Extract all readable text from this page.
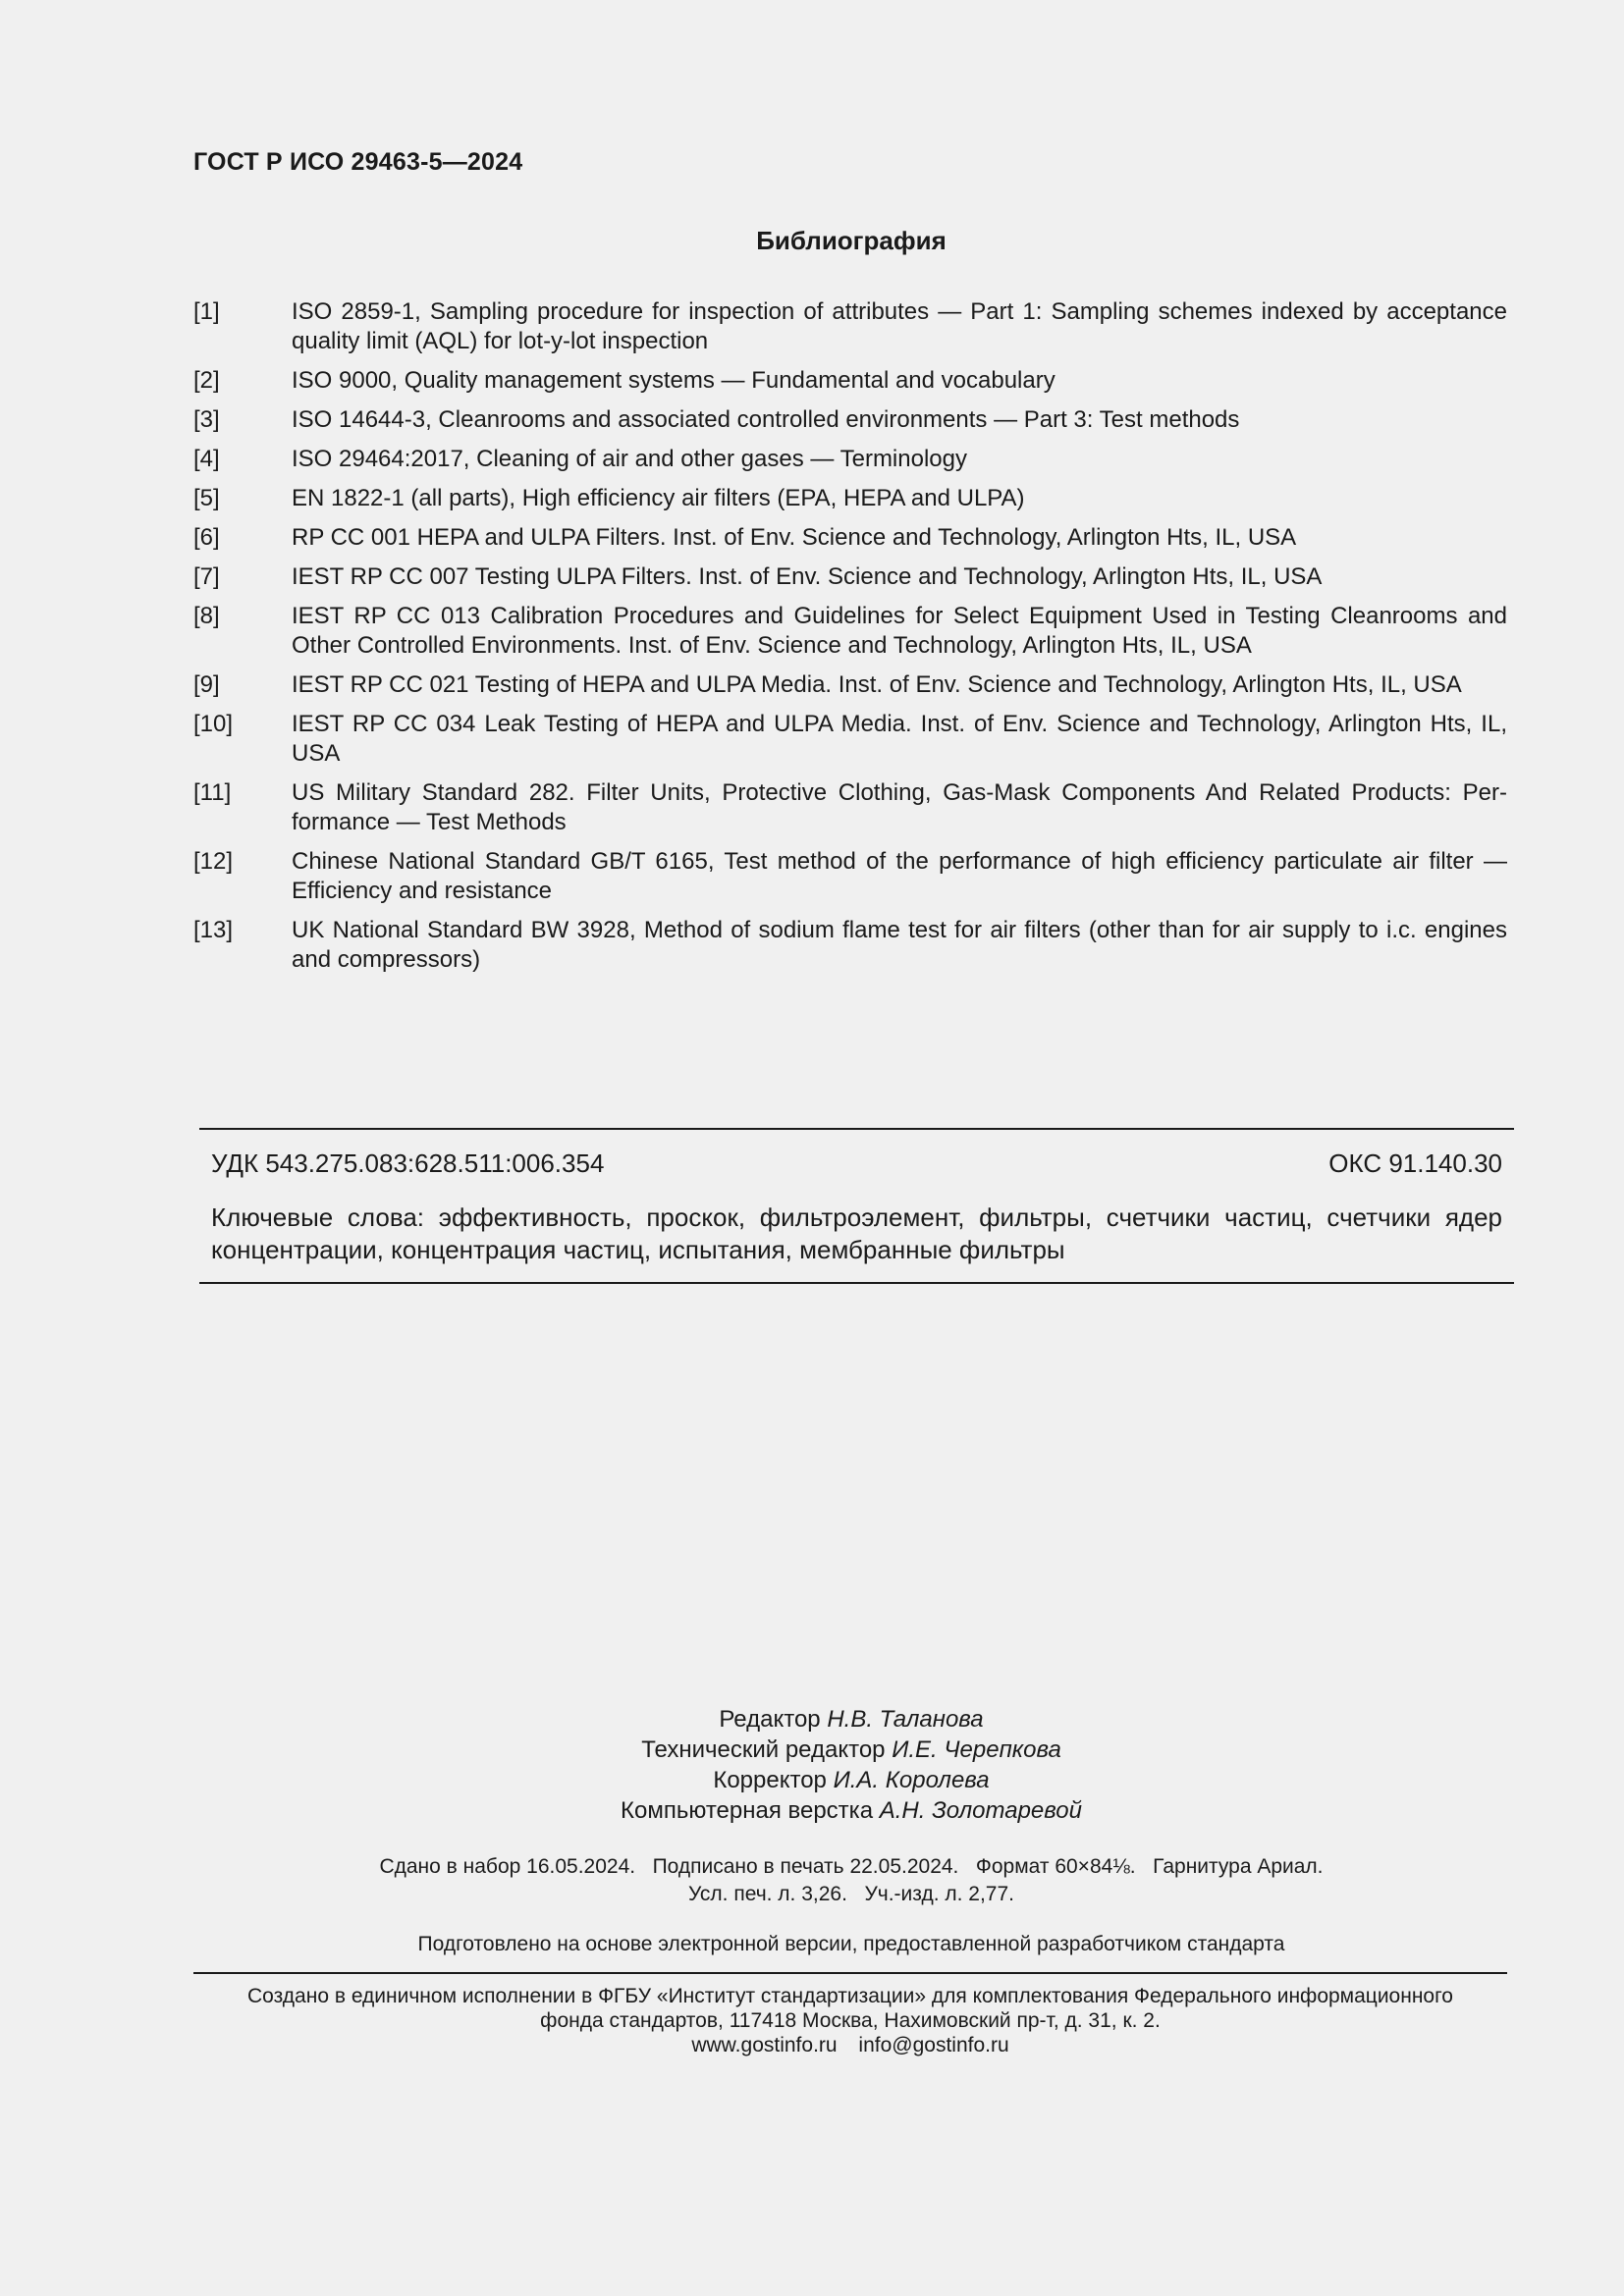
ГОСТ Р ИСО 29463-5—2024
Библиография
[1]	ISO 2859-1, Sampling procedure for inspection of attributes — Part 1: Sampling schemes indexed by acceptance quality limit (AQL) for lot-y-lot inspection
[2]	ISO 9000, Quality management systems — Fundamental and vocabulary
[3]	ISO 14644-3, Cleanrooms and associated controlled environments — Part 3: Test methods
[4]	ISO 29464:2017, Cleaning of air and other gases — Terminology
[5]	EN 1822-1 (all parts), High efficiency air filters (EPA, HEPA and ULPA)
[6]	RP CC 001 HEPA and ULPA Filters. Inst. of Env. Science and Technology, Arlington Hts, IL, USA
[7]	IEST RP CC 007 Testing ULPA Filters. Inst. of Env. Science and Technology, Arlington Hts, IL, USA
[8]	IEST RP CC 013 Calibration Procedures and Guidelines for Select Equipment Used in Testing Cleanrooms and Other Controlled Environments. Inst. of Env. Science and Technology, Arlington Hts, IL, USA
[9]	IEST RP CC 021 Testing of HEPA and ULPA Media. Inst. of Env. Science and Technology, Arlington Hts, IL, USA
[10]	IEST RP CC 034 Leak Testing of HEPA and ULPA Media. Inst. of Env. Science and Technology, Arlington Hts, IL, USA
[11]	US Military Standard 282. Filter Units, Protective Clothing, Gas-Mask Components And Related Products: Performance — Test Methods
[12]	Chinese National Standard GB/T 6165, Test method of the performance of high efficiency particulate air filter — Efficiency and resistance
[13]	UK National Standard BW 3928, Method of sodium flame test for air filters (other than for air supply to i.c. engines and compressors)
УДК 543.275.083:628.511:006.354	ОКС 91.140.30
Ключевые слова: эффективность, проскок, фильтроэлемент, фильтры, счетчики частиц, счетчики ядер концентрации, концентрация частиц, испытания, мембранные фильтры
Редактор Н.В. Таланова
Технический редактор И.Е. Черепкова
Корректор И.А. Королева
Компьютерная верстка А.Н. Золотаревой
Сдано в набор 16.05.2024.   Подписано в печать 22.05.2024.   Формат 60×84⅛.   Гарнитура Ариал.
Усл. печ. л. 3,26.   Уч.-изд. л. 2,77.
Подготовлено на основе электронной версии, предоставленной разработчиком стандарта
Создано в единичном исполнении в ФГБУ «Институт стандартизации» для комплектования Федерального информационного
фонда стандартов, 117418 Москва, Нахимовский пр-т, д. 31, к. 2.
www.gostinfo.ru info@gostinfo.ru
